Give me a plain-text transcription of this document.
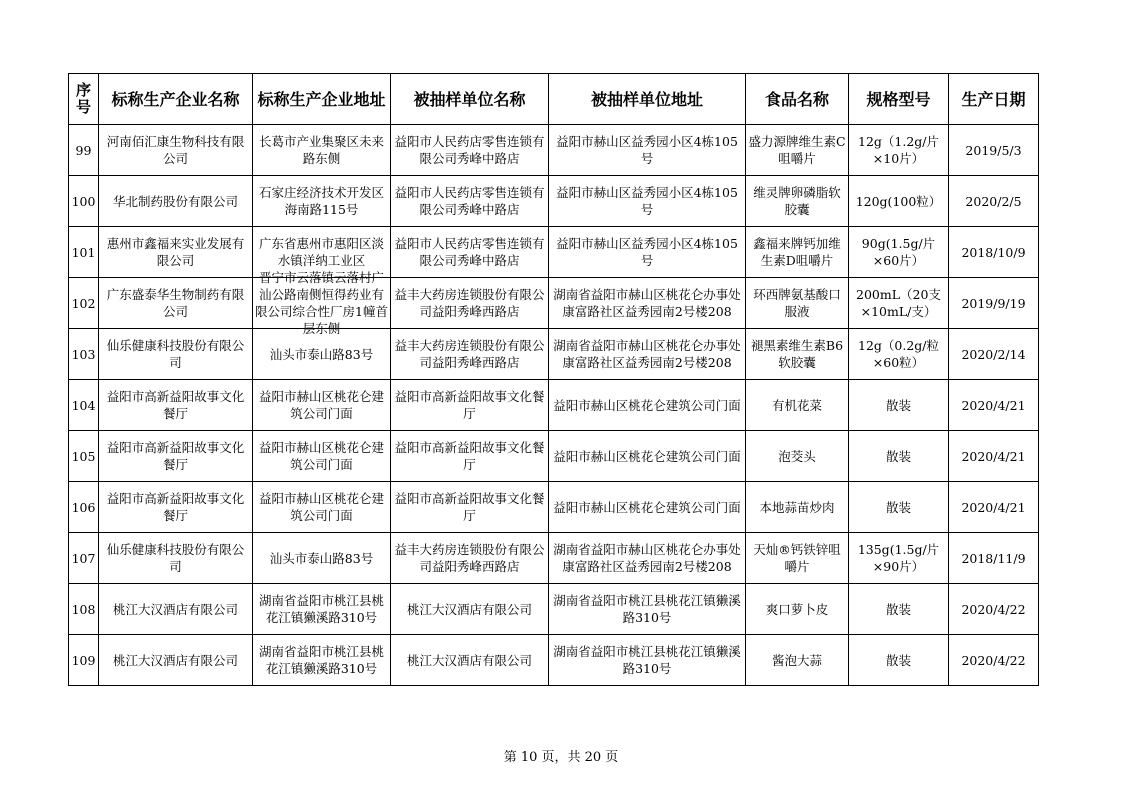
序号	标称生产企业名称	标称生产企业地址	被抽样单位名称	被抽样单位地址	食品名称	规格型号	生产日期

99	河南佰汇康生物科技有限公司	长葛市产业集聚区未来路东侧	益阳市人民药店零售连锁有限公司秀峰中路店	益阳市赫山区益秀园小区4栋105号	盛力源牌维生素C咀嚼片	12g（1.2g/片×10片）	2019/5/3

100	华北制药股份有限公司	石家庄经济技术开发区海南路115号	益阳市人民药店零售连锁有限公司秀峰中路店	益阳市赫山区益秀园小区4栋105号	维灵牌卵磷脂软胶囊	120g(100粒）	2020/2/5

101	惠州市鑫福来实业发展有限公司	广东省惠州市惠阳区淡水镇洋纳工业区	益阳市人民药店零售连锁有限公司秀峰中路店	益阳市赫山区益秀园小区4栋105号	鑫福来牌钙加维生素D咀嚼片	90g(1.5g/片×60片）	2018/10/9

102	广东盛泰华生物制药有限公司	晋宁市云落镇云落村广汕公路南侧恒得药业有限公司综合性厂房1幢首层东侧	益丰大药房连锁股份有限公司益阳秀峰西路店	湖南省益阳市赫山区桃花仑办事处康富路社区益秀园南2号楼208	环西牌氨基酸口服液	200mL（20支×10mL/支）	2019/9/19

103	仙乐健康科技股份有限公司	汕头市泰山路83号	益丰大药房连锁股份有限公司益阳秀峰西路店	湖南省益阳市赫山区桃花仑办事处康富路社区益秀园南2号楼208	褪黑素维生素B6软胶囊	12g（0.2g/粒×60粒）	2020/2/14

104	益阳市高新益阳故事文化餐厅	益阳市赫山区桃花仑建筑公司门面	益阳市高新益阳故事文化餐厅	益阳市赫山区桃花仑建筑公司门面	有机花菜	散装	2020/4/21

105	益阳市高新益阳故事文化餐厅	益阳市赫山区桃花仑建筑公司门面	益阳市高新益阳故事文化餐厅	益阳市赫山区桃花仑建筑公司门面	泡茭头	散装	2020/4/21

106	益阳市高新益阳故事文化餐厅	益阳市赫山区桃花仑建筑公司门面	益阳市高新益阳故事文化餐厅	益阳市赫山区桃花仑建筑公司门面	本地蒜苗炒肉	散装	2020/4/21

107	仙乐健康科技股份有限公司	汕头市泰山路83号	益丰大药房连锁股份有限公司益阳秀峰西路店	湖南省益阳市赫山区桃花仑办事处康富路社区益秀园南2号楼208	天灿®钙铁锌咀嚼片	135g(1.5g/片×90片）	2018/11/9

108	桃江大汉酒店有限公司	湖南省益阳市桃江县桃花江镇獭溪路310号	桃江大汉酒店有限公司	湖南省益阳市桃江县桃花江镇獭溪路310号	爽口萝卜皮	散装	2020/4/22

109	桃江大汉酒店有限公司	湖南省益阳市桃江县桃花江镇獭溪路310号	桃江大汉酒店有限公司	湖南省益阳市桃江县桃花江镇獭溪路310号	酱泡大蒜	散装	2020/4/22
第 10 页，共 20 页
